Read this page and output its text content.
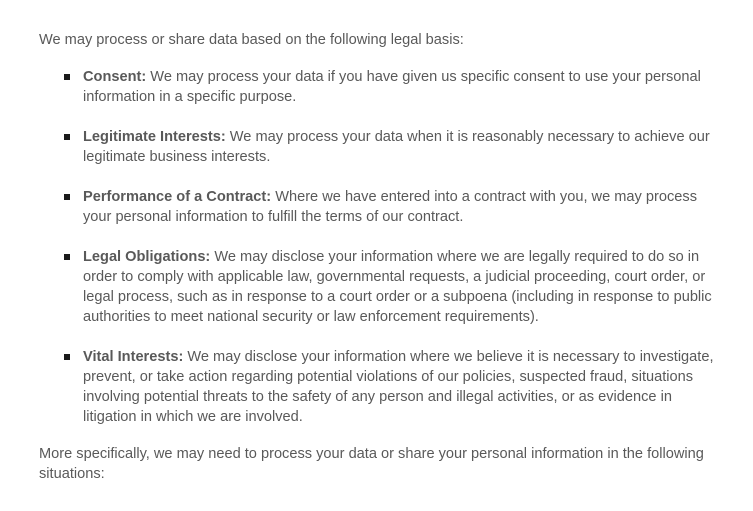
We may process or share data based on the following legal basis:

Consent: We may process your data if you have given us specific consent to use your personal information in a specific purpose.
Legitimate Interests: We may process your data when it is reasonably necessary to achieve our legitimate business interests.
Performance of a Contract: Where we have entered into a contract with you, we may process your personal information to fulfill the terms of our contract.
Legal Obligations: We may disclose your information where we are legally required to do so in order to comply with applicable law, governmental requests, a judicial proceeding, court order, or legal process, such as in response to a court order or a subpoena (including in response to public authorities to meet national security or law enforcement requirements).
Vital Interests: We may disclose your information where we believe it is necessary to investigate, prevent, or take action regarding potential violations of our policies, suspected fraud, situations involving potential threats to the safety of any person and illegal activities, or as evidence in litigation in which we are involved.

More specifically, we may need to process your data or share your personal information in the following situations:
